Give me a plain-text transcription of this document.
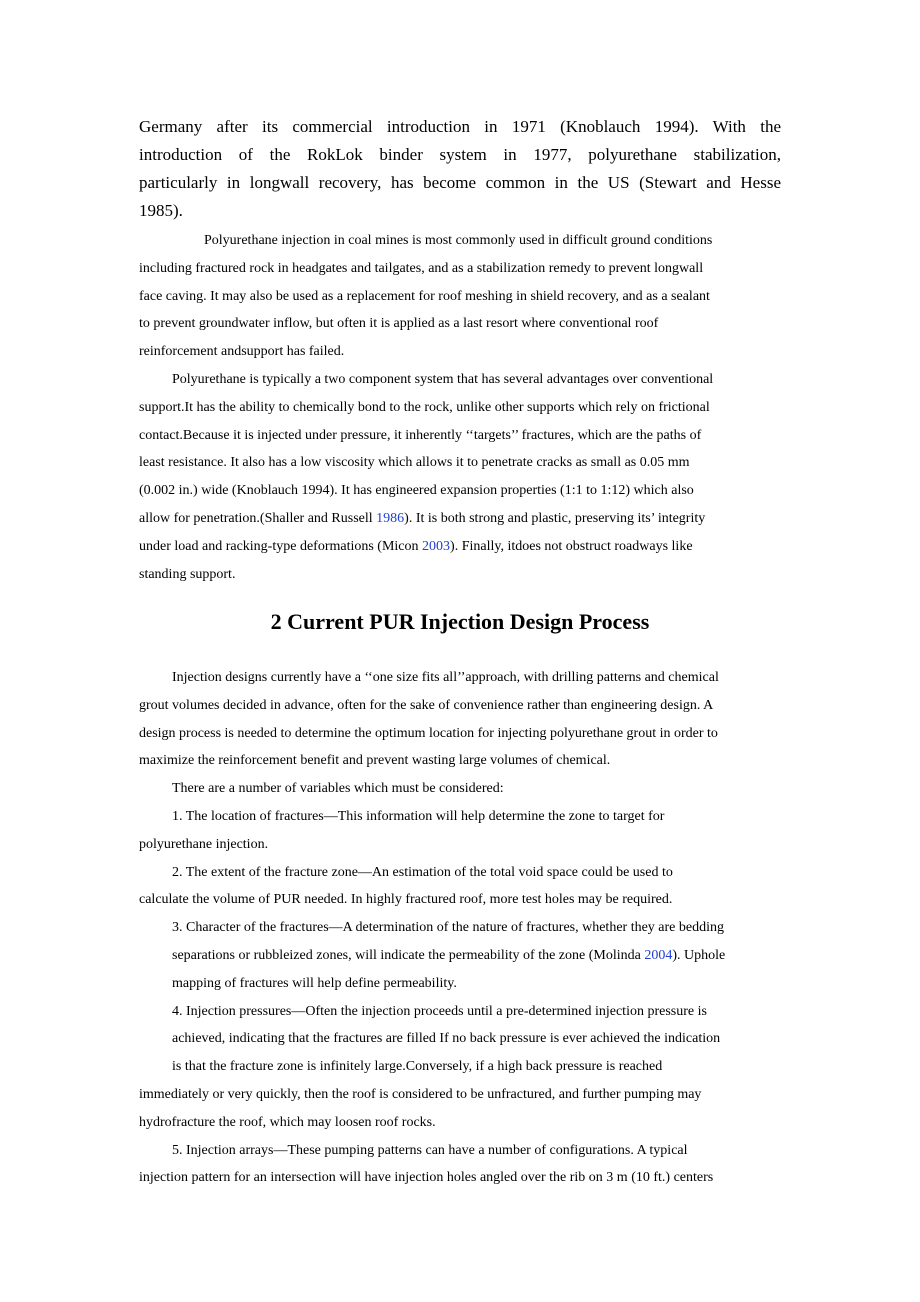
Germany after its commercial introduction in 1971 (Knoblauch 1994). With the

introduction of the RokLok binder system in 1977, polyurethane stabilization,

particularly in longwall recovery, has become common in the US (Stewart and Hesse

1985).

Polyurethane injection in coal mines is most commonly used in difficult ground conditions

including fractured rock in headgates and tailgates, and as a stabilization remedy to prevent longwall

face caving. It may also be used as a replacement for roof meshing in shield recovery, and as a sealant

to prevent groundwater inflow, but often it is applied as a last resort where conventional roof

reinforcement andsupport has failed.

Polyurethane is typically a two component system that has several advantages over conventional

support.It has the ability to chemically bond to the rock, unlike other supports which rely on frictional

contact.Because it is injected under pressure, it inherently ‘‘targets’’ fractures, which are the paths of

least resistance. It also has a low viscosity which allows it to penetrate cracks as small as 0.05 mm

(0.002 in.) wide (Knoblauch 1994). It has engineered expansion properties (1:1 to 1:12) which also

allow for penetration.(Shaller and Russell 1986). It is both strong and plastic, preserving its’ integrity

under load and racking-type deformations (Micon 2003). Finally, itdoes not obstruct roadways like

standing support.

2 Current PUR Injection Design Process

Injection designs currently have a ‘‘one size fits all’’approach, with drilling patterns and chemical

grout volumes decided in advance, often for the sake of convenience rather than engineering design. A

design process is needed to determine the optimum location for injecting polyurethane grout in order to

maximize the reinforcement benefit and prevent wasting large volumes of chemical.

There are a number of variables which must be considered:

1. The location of fractures—This information will help determine the zone to target for

polyurethane injection.

2. The extent of the fracture zone—An estimation of the total void space could be used to

calculate the volume of PUR needed. In highly fractured roof, more test holes may be required.

3. Character of the fractures—A determination of the nature of fractures, whether they are bedding

separations or rubbleized zones, will indicate the permeability of the zone (Molinda 2004). Uphole

mapping of fractures will help define permeability.

4. Injection pressures—Often the injection proceeds until a pre-determined injection pressure is

achieved, indicating that the fractures are filled If no back pressure is ever achieved the indication

is that the fracture zone is infinitely large.Conversely, if a high back pressure is reached

immediately or very quickly, then the roof is considered to be unfractured, and further pumping may

hydrofracture the roof, which may loosen roof rocks.

5. Injection arrays—These pumping patterns can have a number of configurations. A typical

injection pattern for an intersection will have injection holes angled over the rib on 3 m (10 ft.) centers
